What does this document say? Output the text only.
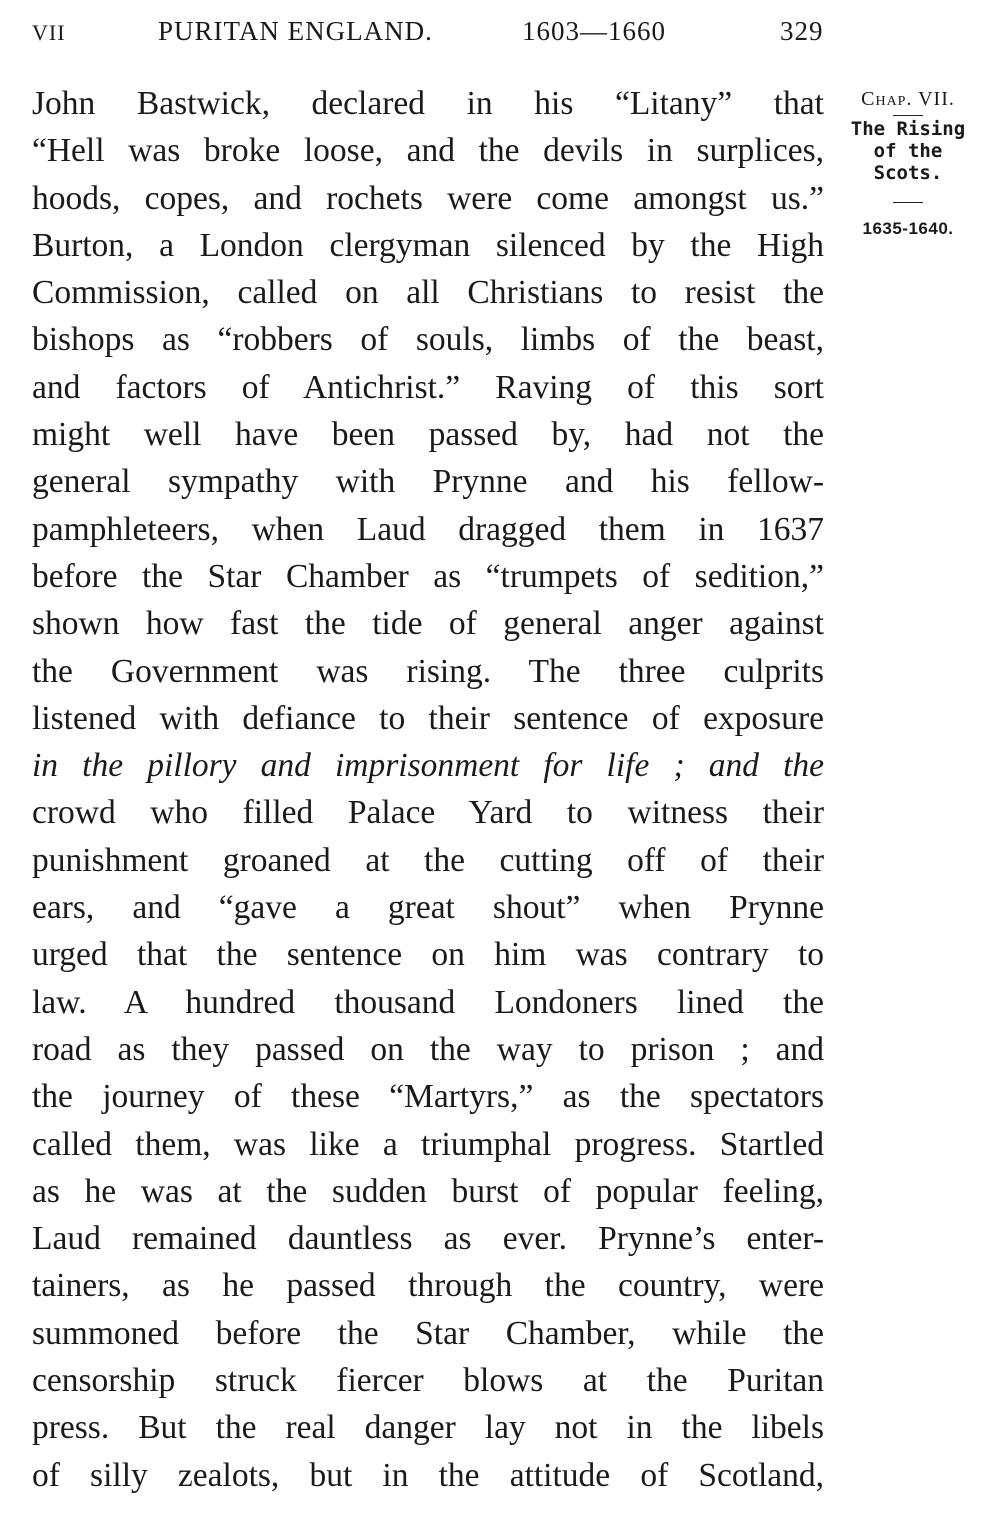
VII	PURITAN ENGLAND.	1603—1660	329
John Bastwick, declared in his “Litany” that
“Hell was broke loose, and the devils in surplices,
hoods, copes, and rochets were come amongst us.”
Burton, a London clergyman silenced by the High
Commission, called on all Christians to resist the
bishops as “robbers of souls, limbs of the beast,
and factors of Antichrist.” Raving of this sort
might well have been passed by, had not the
general sympathy with Prynne and his fellow-
pamphleteers, when Laud dragged them in 1637
before the Star Chamber as “trumpets of sedition,”
shown how fast the tide of general anger against
the Government was rising. The three culprits
listened with defiance to their sentence of exposure
in the pillory and imprisonment for life ; and the
crowd who filled Palace Yard to witness their
punishment groaned at the cutting off of their
ears, and “gave a great shout” when Prynne
urged that the sentence on him was contrary to
law. A hundred thousand Londoners lined the
road as they passed on the way to prison ; and
the journey of these “Martyrs,” as the spectators
called them, was like a triumphal progress. Startled
as he was at the sudden burst of popular feeling,
Laud remained dauntless as ever. Prynne’s enter-
tainers, as he passed through the country, were
summoned before the Star Chamber, while the
censorship struck fiercer blows at the Puritan
press. But the real danger lay not in the libels
of silly zealots, but in the attitude of Scotland,
Chap. VII.
The Rising
of the
Scots.
1635-1640.
